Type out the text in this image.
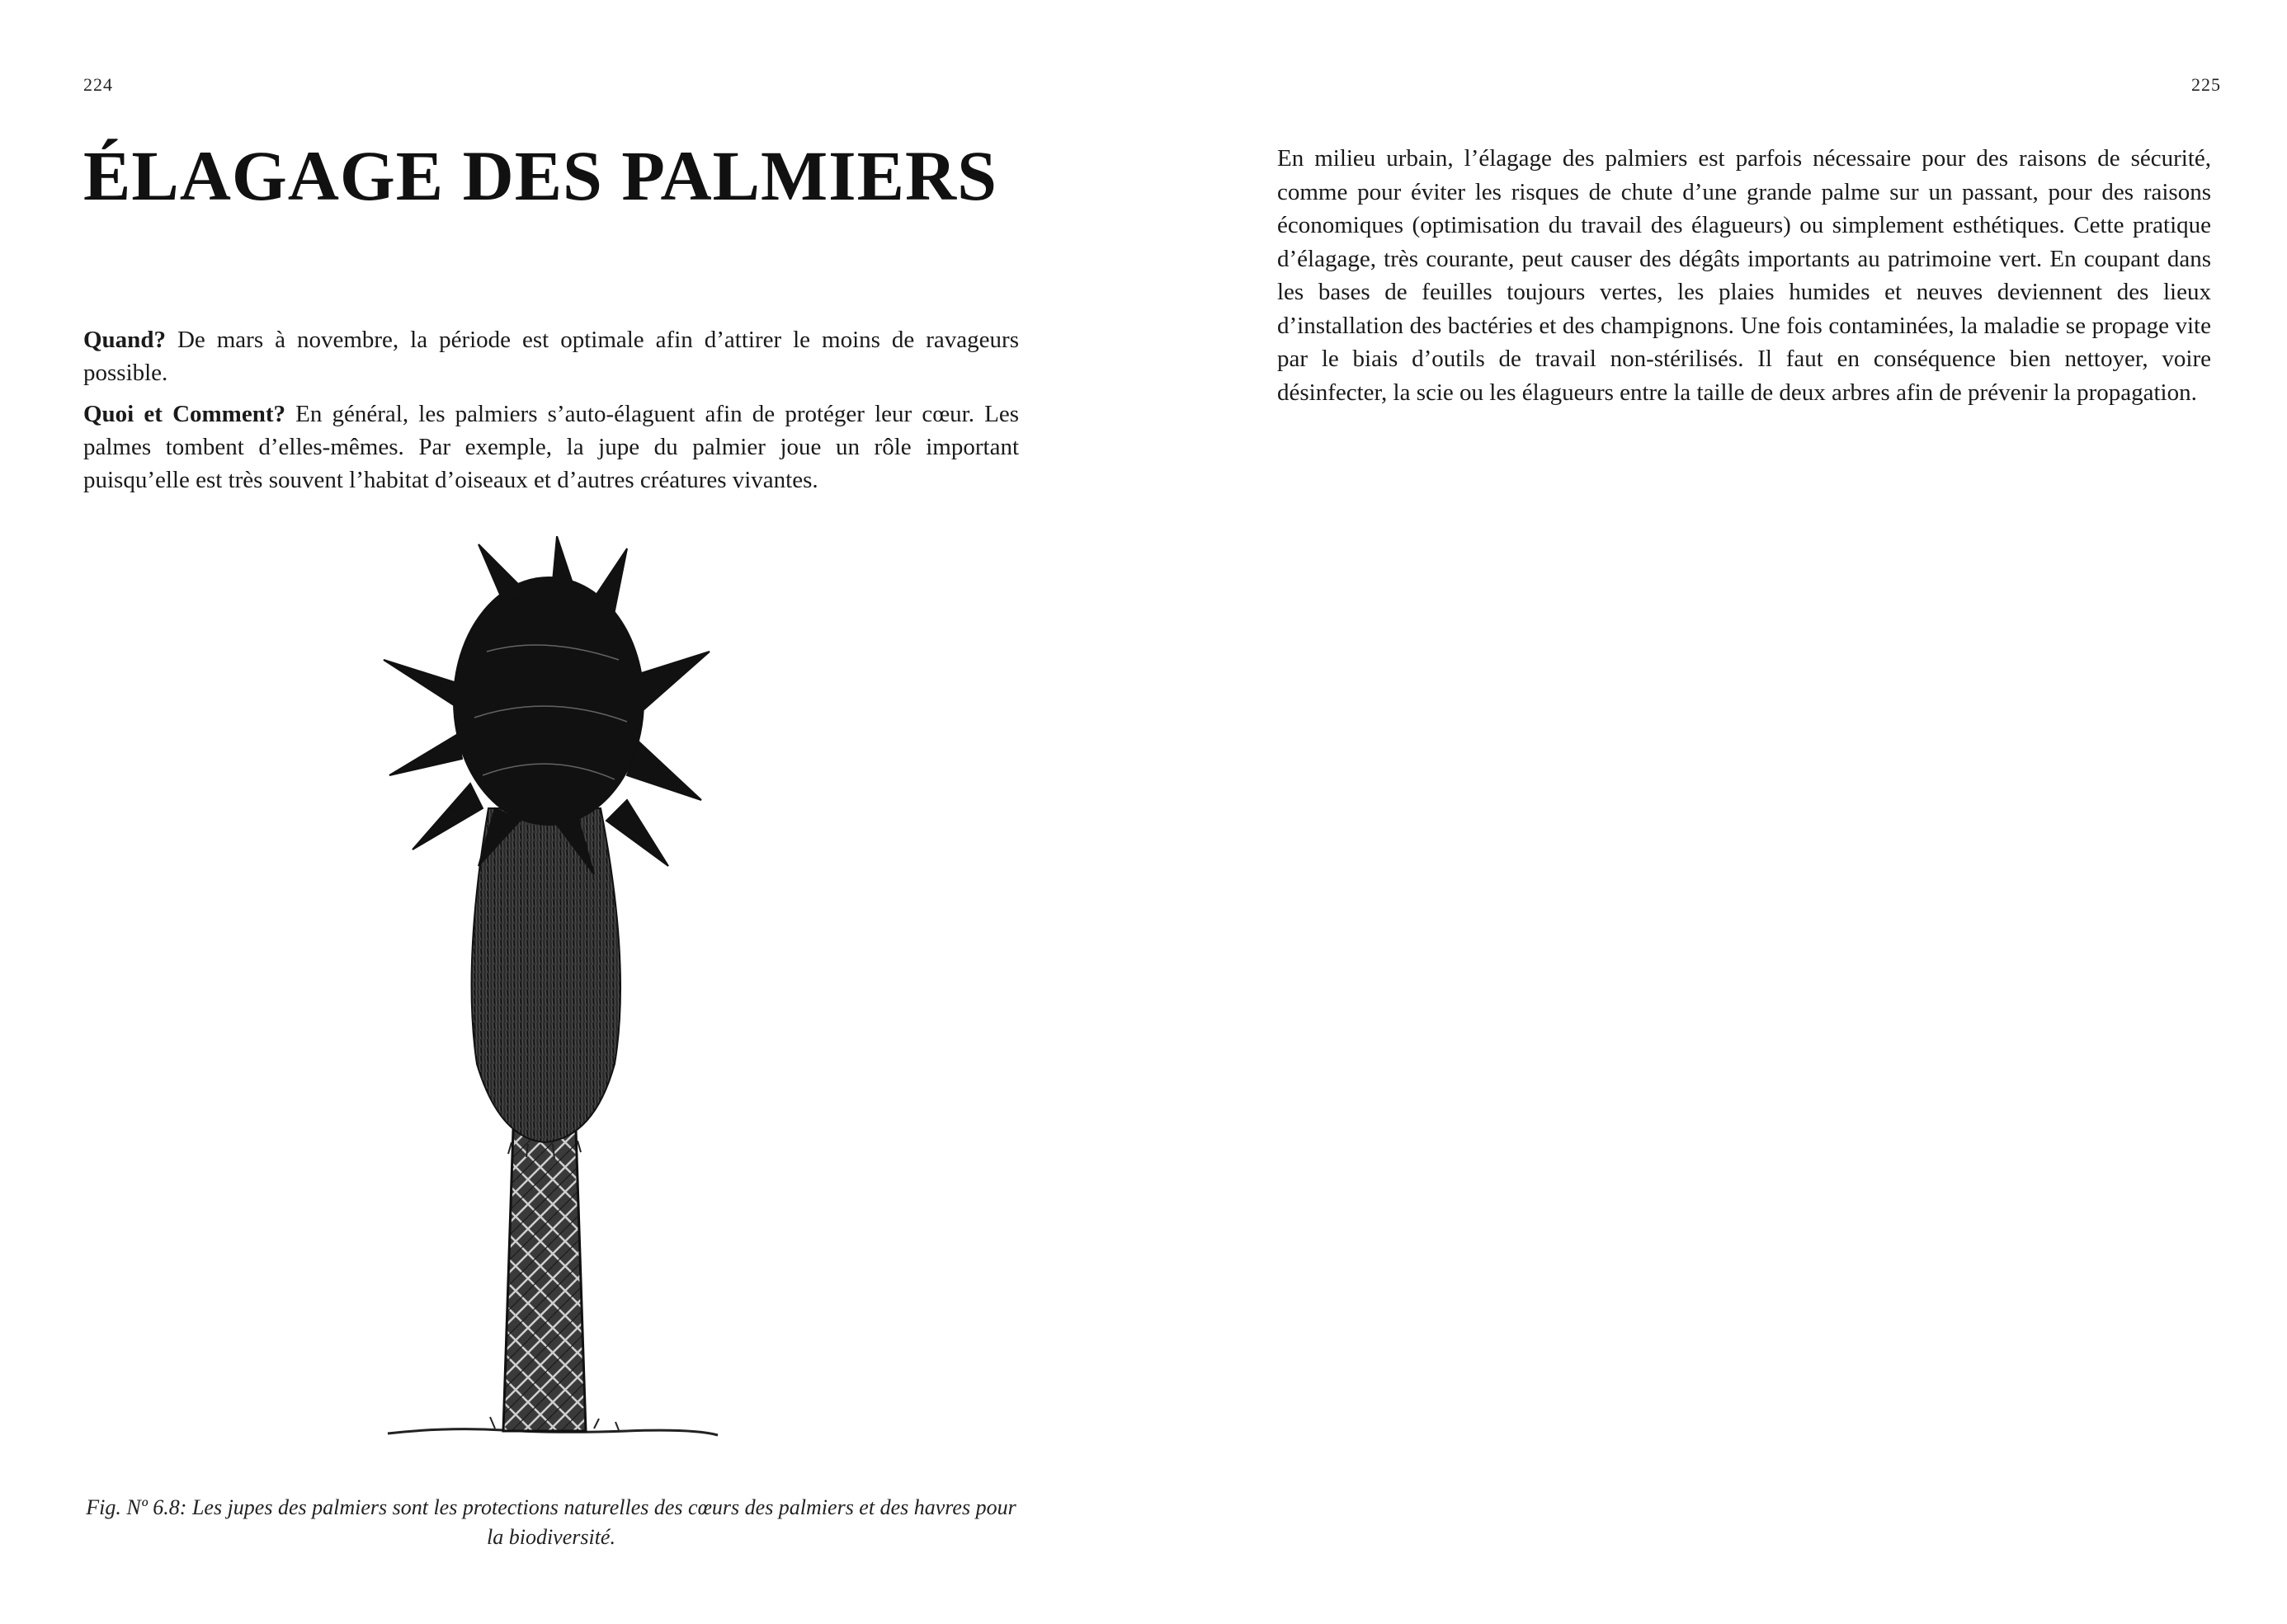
224	225
ÉLAGAGE DES PALMIERS

Quand? De mars à novembre, la période est optimale afin d’attirer le moins de ravageurs possible.

Quoi et Comment? En général, les palmiers s’auto-élaguent afin de protéger leur cœur. Les palmes tombent d’elles-mêmes. Par exemple, la jupe du palmier joue un rôle important puisqu’elle est très souvent l’habitat d’oiseaux et d’autres créatures vivantes.

Fig. Nº 6.8: Les jupes des palmiers sont les protections naturelles des cœurs des palmiers et des havres pour la biodiversité.

En milieu urbain, l’élagage des palmiers est parfois nécessaire pour des raisons de sécurité, comme pour éviter les risques de chute d’une grande palme sur un passant, pour des raisons économiques (optimisation du travail des élagueurs) ou simplement esthétiques. Cette pratique d’élagage, très courante, peut causer des dégâts importants au patrimoine vert. En coupant dans les bases de feuilles toujours vertes, les plaies humides et neuves deviennent des lieux d’installation des bactéries et des champignons. Une fois contaminées, la maladie se propage vite par le biais d’outils de travail non-stérilisés. Il faut en conséquence bien nettoyer, voire désinfecter, la scie ou les élagueurs entre la taille de deux arbres afin de prévenir la propagation.
